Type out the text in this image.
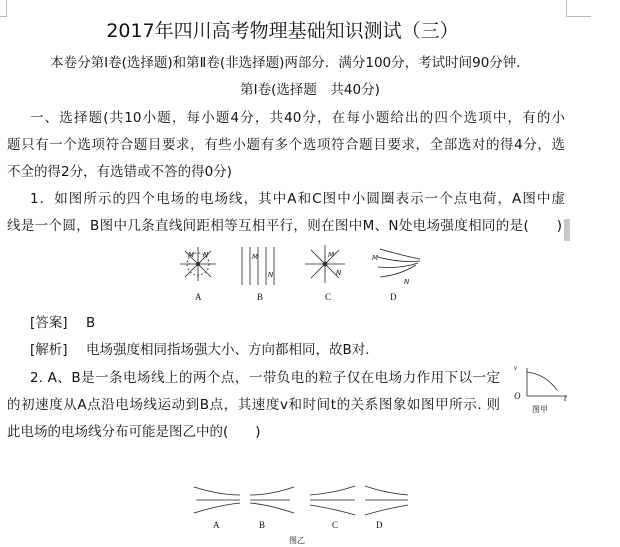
2017年四川高考物理基础知识测试（三）
本卷分第Ⅰ卷(选择题)和第Ⅱ卷(非选择题)两部分．满分100分，考试时间90分钟．
第Ⅰ卷(选择题　共40分)
一、选择题(共10小题，每小题4分，共40分，在每小题给出的四个选项中，有的小
题只有一个选项符合题目要求，有些小题有多个选项符合题目要求，全部选对的得4分，选
不全的得2分，有选错或不答的得0分)
1．如图所示的四个电场的电场线，其中A和C图中小圆圈表示一个点电荷，A图中虚
线是一个圆，B图中几条直线间距相等互相平行，则在图中M、N处电场强度相同的是(　　)
M N	M
N
M
N
M
N
A	B	C	D
[答案] B
[解析] 电场强度相同指场强大小、方向都相同，故B对.
2. A、B是一条电场线上的两个点，一带负电的粒子仅在电场力作用下以一定
的初速度从A点沿电场线运动到B点，其速度v和时间t的关系图象如图甲所示. 则
此电场的电场线分布可能是图乙中的(　　)
v
t
O
图甲
A	B	C	D
图乙
